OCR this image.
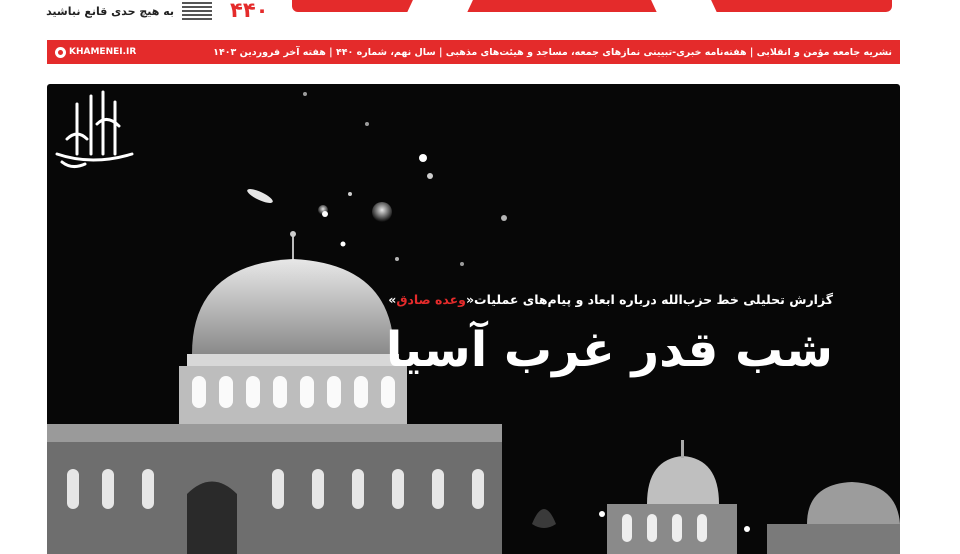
۴۴۰
به هیچ حدی قانع نباشید
نشریه جامعه مؤمن و انقلابی | هفته‌نامه خبری-تبیینی نمازهای جمعه، مساجد و هیئت‌های مذهبی | سال نهم، شماره ۴۴۰ | هفته آخر فروردین ۱۴۰۳
KHAMENEI.IR
گزارش تحلیلی خط حزب‌الله درباره ابعاد و پیام‌های عملیات«وعده صادق»
شب قدر غرب آسیا
